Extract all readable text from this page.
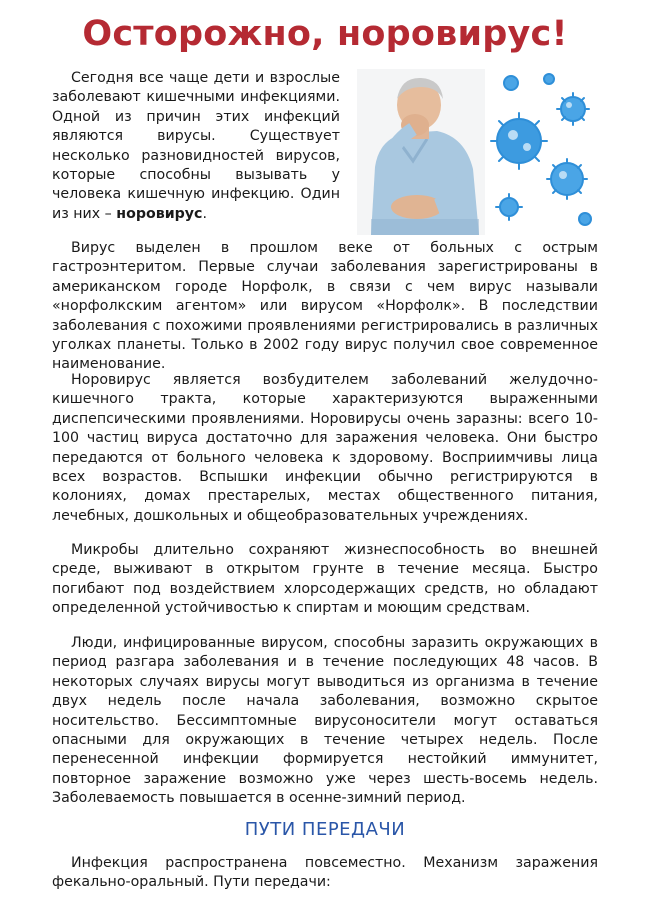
Осторожно, норовирус!

Сегодня все чаще дети и взрослые заболевают кишечными инфекциями. Одной из причин этих инфекций являются вирусы. Существует несколько разновидностей вирусов, которые способны вызывать у человека кишечную инфекцию. Один из них – норовирус.

Вирус выделен в прошлом веке от больных с острым гастроэнтеритом. Первые случаи заболевания зарегистрированы в американском городе Норфолк, в связи с чем вирус называли «норфолкским агентом» или вирусом «Норфолк». В последствии заболевания с похожими проявлениями регистрировались в различных уголках планеты. Только в 2002 году вирус получил свое современное наименование.

Норовирус является возбудителем заболеваний желудочно-кишечного тракта, которые характеризуются выраженными диспепсическими проявлениями. Норовирусы очень заразны: всего 10-100 частиц вируса достаточно для заражения человека. Они быстро передаются от больного человека к здоровому. Восприимчивы лица всех возрастов. Вспышки инфекции обычно регистрируются в колониях, домах престарелых, местах общественного питания, лечебных, дошкольных и общеобразовательных учреждениях.

Микробы длительно сохраняют жизнеспособность во внешней среде, выживают в открытом грунте в течение месяца. Быстро погибают под воздействием хлорсодержащих средств, но обладают определенной устойчивостью к спиртам и моющим средствам.

Люди, инфицированные вирусом, способны заразить окружающих в период разгара заболевания и в течение последующих 48 часов. В некоторых случаях вирусы могут выводиться из организма в течение двух недель после начала заболевания, возможно скрытое носительство. Бессимптомные вирусоносители могут оставаться опасными для окружающих в течение четырех недель. После перенесенной инфекции формируется нестойкий иммунитет, повторное заражение возможно уже через шесть-восемь недель. Заболеваемость повышается в осенне-зимний период.

ПУТИ ПЕРЕДАЧИ

Инфекция распространена повсеместно. Механизм заражения фекально-оральный. Пути передачи:
